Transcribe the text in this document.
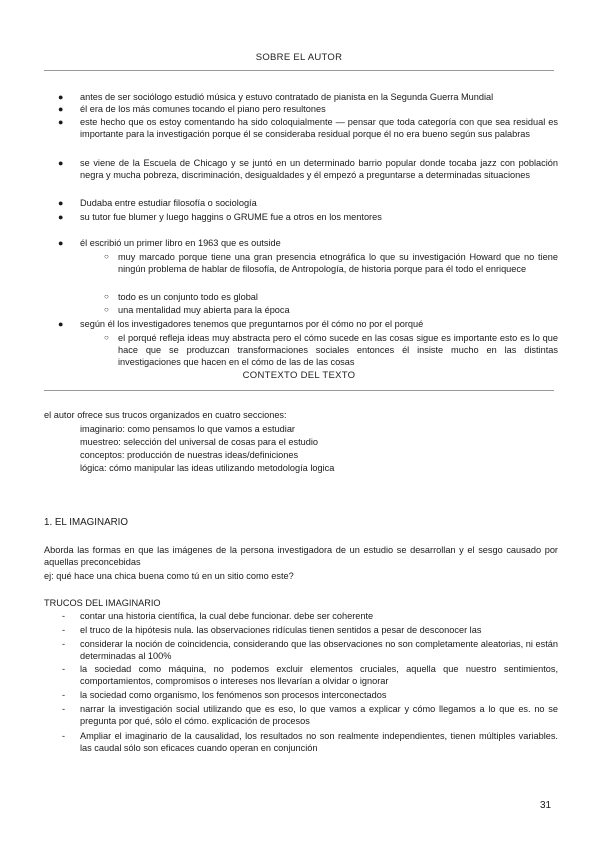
SOBRE EL AUTOR
● antes de ser sociólogo estudió música y estuvo contratado de pianista en la Segunda Guerra Mundial
● él era de los más comunes tocando el piano pero resultones
● este hecho que os estoy comentando ha sido coloquialmente — pensar que toda categoría con que sea residual es importante para la investigación porque él se consideraba residual porque él no era bueno según sus palabras
● se viene de la Escuela de Chicago y se juntó en un determinado barrio popular donde tocaba jazz con población negra y mucha pobreza, discriminación, desigualdades y él empezó a preguntarse a determinadas situaciones
● Dudaba entre estudiar filosofía o sociología
● su tutor fue blumer y luego haggins o GRUME fue a otros en los mentores
● él escribió un primer libro en 1963 que es outside
○ muy marcado porque tiene una gran presencia etnográfica lo que su investigación Howard que no tiene ningún problema de hablar de filosofía, de Antropología, de historia porque para él todo el enriquece
○ todo es un conjunto todo es global
○ una mentalidad muy abierta para la época
● según él los investigadores tenemos que preguntarnos por él cómo no por el porqué
○ el porqué refleja ideas muy abstracta pero el cómo sucede en las cosas sigue es importante esto es lo que hace que se produzcan transformaciones sociales entonces él insiste mucho en las distintas investigaciones que hacen en el cómo de las de las cosas
CONTEXTO DEL TEXTO
el autor ofrece sus trucos organizados en cuatro secciones:
imaginario: como pensamos lo que vamos a estudiar
muestreo: selección del universal de cosas para el estudio
conceptos: producción de nuestras ideas/definiciones
lógica: cómo manipular las ideas utilizando metodología logica
1. EL IMAGINARIO
Aborda las formas en que las imágenes de la persona investigadora de un estudio se desarrollan y el sesgo causado por aquellas preconcebidas
ej: qué hace una chica buena como tú en un sitio como este?
TRUCOS DEL IMAGINARIO
- contar una historia científica, la cual debe funcionar. debe ser coherente
- el truco de la hipótesis nula. las observaciones ridículas tienen sentidos a pesar de desconocer las
- considerar la noción de coincidencia, considerando que las observaciones no son completamente aleatorias, ni están determinadas al 100%
- la sociedad como máquina, no podemos excluir elementos cruciales, aquella que nuestro sentimientos, comportamientos, compromisos o intereses nos llevarían a olvidar o ignorar
- la sociedad como organismo, los fenómenos son procesos interconectados
- narrar la investigación social utilizando que es eso, lo que vamos a explicar y cómo llegamos a lo que es. no se pregunta por qué, sólo el cómo. explicación de procesos
- Ampliar el imaginario de la causalidad, los resultados no son realmente independientes, tienen múltiples variables. las caudal sólo son eficaces cuando operan en conjunción
31
